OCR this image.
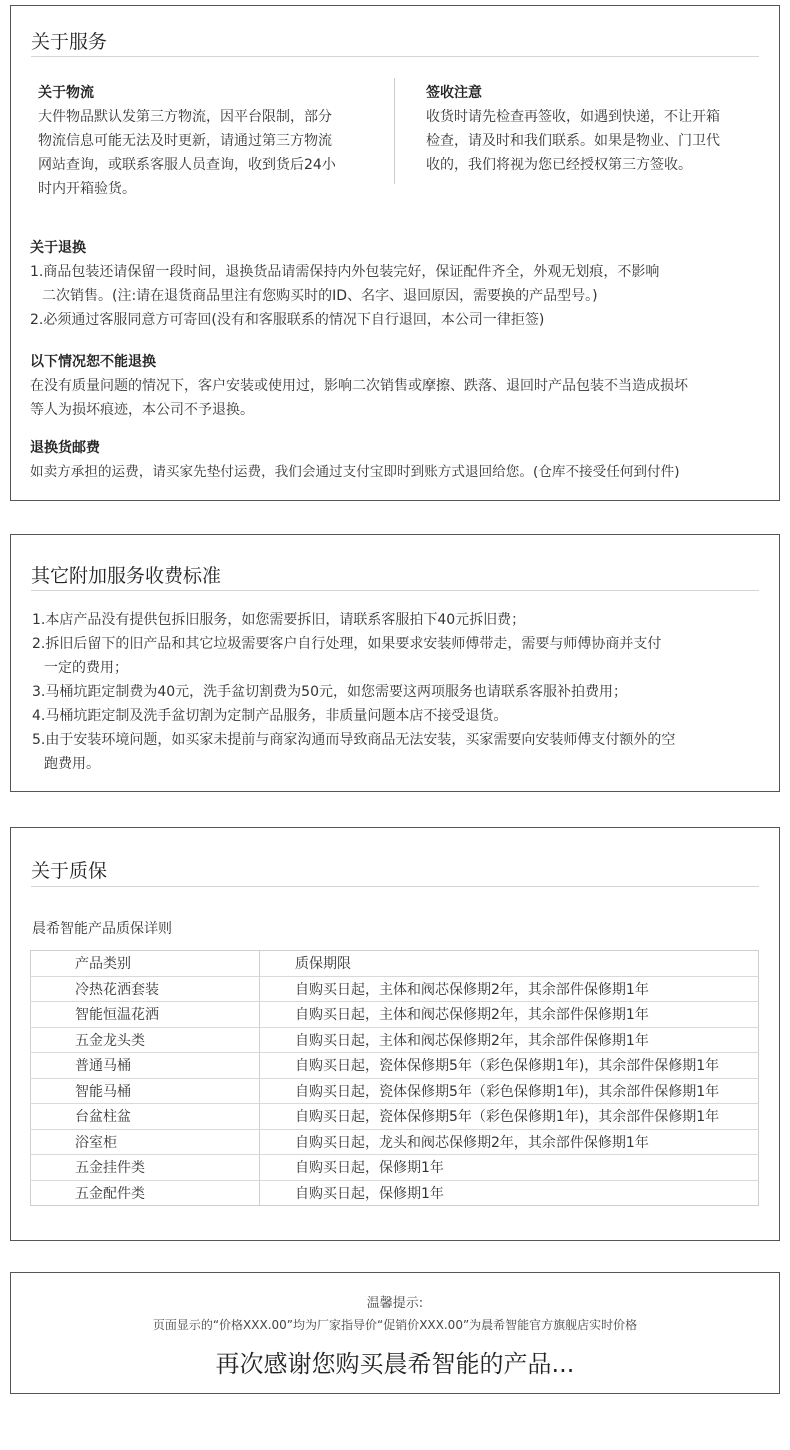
关于服务
关于物流
大件物品默认发第三方物流，因平台限制，部分
物流信息可能无法及时更新，请通过第三方物流
网站查询，或联系客服人员查询，收到货后24小
时内开箱验货。
签收注意
收货时请先检查再签收，如遇到快递，不让开箱
检查，请及时和我们联系。如果是物业、门卫代
收的，我们将视为您已经授权第三方签收。
关于退换
1.商品包装还请保留一段时间，退换货品请需保持内外包装完好，保证配件齐全，外观无划痕，不影响
二次销售。(注:请在退货商品里注有您购买时的ID、名字、退回原因，需要换的产品型号。)
2.必须通过客服同意方可寄回(没有和客服联系的情况下自行退回，本公司一律拒签)
以下情况恕不能退换
在没有质量问题的情况下，客户安装或使用过，影响二次销售或摩擦、跌落、退回时产品包装不当造成损坏
等人为损坏痕迹，本公司不予退换。
退换货邮费
如卖方承担的运费，请买家先垫付运费，我们会通过支付宝即时到账方式退回给您。(仓库不接受任何到付件)
其它附加服务收费标准
1.本店产品没有提供包拆旧服务，如您需要拆旧，请联系客服拍下40元拆旧费；
2.拆旧后留下的旧产品和其它垃圾需要客户自行处理，如果要求安装师傅带走，需要与师傅协商并支付
一定的费用；
3.马桶坑距定制费为40元，洗手盆切割费为50元，如您需要这两项服务也请联系客服补拍费用；
4.马桶坑距定制及洗手盆切割为定制产品服务，非质量问题本店不接受退货。
5.由于安装环境问题，如买家未提前与商家沟通而导致商品无法安装，买家需要向安装师傅支付额外的空
跑费用。
关于质保
晨希智能产品质保详则
产品类别	质保期限
冷热花洒套装	自购买日起，主体和阀芯保修期2年，其余部件保修期1年
智能恒温花洒	自购买日起，主体和阀芯保修期2年，其余部件保修期1年
五金龙头类	自购买日起，主体和阀芯保修期2年，其余部件保修期1年
普通马桶	自购买日起，瓷体保修期5年（彩色保修期1年)，其余部件保修期1年
智能马桶	自购买日起，瓷体保修期5年（彩色保修期1年)，其余部件保修期1年
台盆柱盆	自购买日起，瓷体保修期5年（彩色保修期1年)，其余部件保修期1年
浴室柜	自购买日起，龙头和阀芯保修期2年，其余部件保修期1年
五金挂件类	自购买日起，保修期1年
五金配件类	自购买日起，保修期1年
温馨提示:
页面显示的“价格XXX.00”均为厂家指导价“促销价XXX.00”为晨希智能官方旗舰店实时价格
再次感谢您购买晨希智能的产品...
